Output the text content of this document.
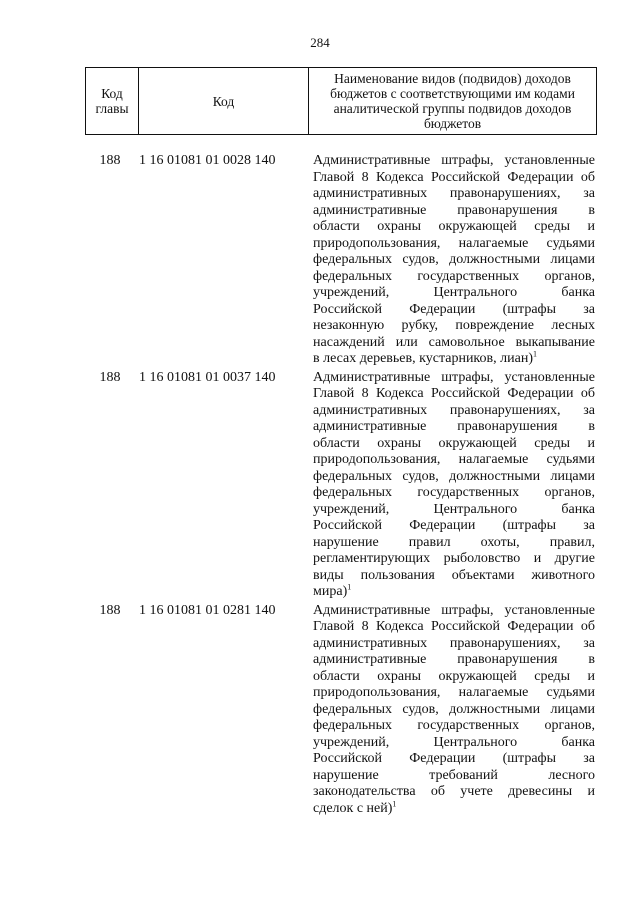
284
Код
главы	Код	Наименование видов (подвидов) доходов
бюджетов с соответствующими им кодами
аналитической группы подвидов доходов
бюджетов
188	1 16 01081 01 0028 140	Административные штрафы, установленные
Главой 8 Кодекса Российской Федерации об
административных правонарушениях, за
административные правонарушения в
области охраны окружающей среды и
природопользования, налагаемые судьями
федеральных судов, должностными лицами
федеральных государственных органов,
учреждений, Центрального банка
Российской Федерации (штрафы за
незаконную рубку, повреждение лесных
насаждений или самовольное выкапывание
в лесах деревьев, кустарников, лиан)$^1$
188	1 16 01081 01 0037 140	Административные штрафы, установленные
Главой 8 Кодекса Российской Федерации об
административных правонарушениях, за
административные правонарушения в
области охраны окружающей среды и
природопользования, налагаемые судьями
федеральных судов, должностными лицами
федеральных государственных органов,
учреждений, Центрального банка
Российской Федерации (штрафы за
нарушение правил охоты, правил,
регламентирующих рыболовство и другие
виды пользования объектами животного
мира)$^1$
188	1 16 01081 01 0281 140	Административные штрафы, установленные
Главой 8 Кодекса Российской Федерации об
административных правонарушениях, за
административные правонарушения в
области охраны окружающей среды и
природопользования, налагаемые судьями
федеральных судов, должностными лицами
федеральных государственных органов,
учреждений, Центрального банка
Российской Федерации (штрафы за
нарушение требований лесного
законодательства об учете древесины и
сделок с ней)$^1$
